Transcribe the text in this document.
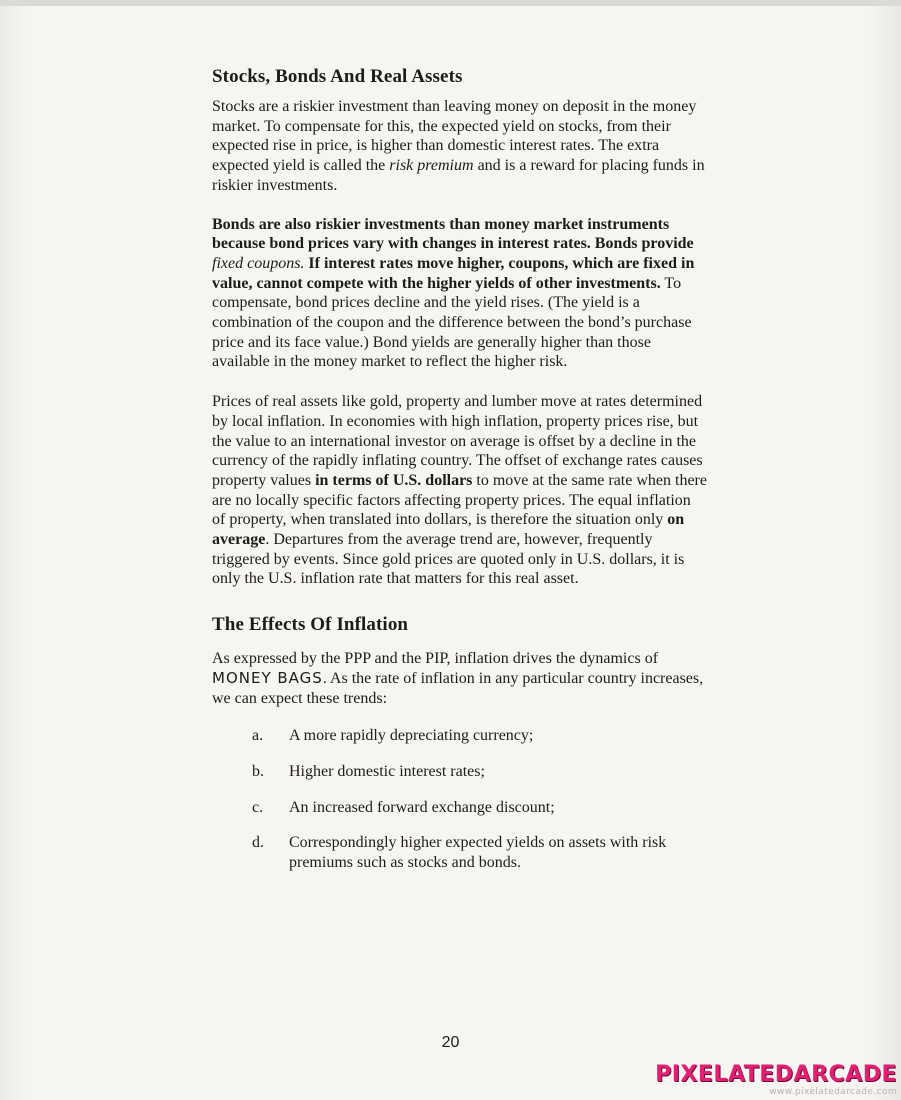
Stocks, Bonds And Real Assets

Stocks are a riskier investment than leaving money on deposit in the money market. To compensate for this, the expected yield on stocks, from their expected rise in price, is higher than domestic interest rates. The extra expected yield is called the risk premium and is a reward for placing funds in riskier investments.

Bonds are also riskier investments than money market instruments because bond prices vary with changes in interest rates. Bonds provide fixed coupons. If interest rates move higher, coupons, which are fixed in value, cannot compete with the higher yields of other investments. To compensate, bond prices decline and the yield rises. (The yield is a combination of the coupon and the difference between the bond’s purchase price and its face value.) Bond yields are generally higher than those available in the money market to reflect the higher risk.

Prices of real assets like gold, property and lumber move at rates determined by local inflation. In economies with high inflation, property prices rise, but the value to an international investor on average is offset by a decline in the currency of the rapidly inflating country. The offset of exchange rates causes property values in terms of U.S. dollars to move at the same rate when there are no locally specific factors affecting property prices. The equal inflation of property, when translated into dollars, is therefore the situation only on average. Departures from the average trend are, however, frequently triggered by events. Since gold prices are quoted only in U.S. dollars, it is only the U.S. inflation rate that matters for this real asset.

The Effects Of Inflation

As expressed by the PPP and the PIP, inflation drives the dynamics of MONEY BAGS. As the rate of inflation in any particular country increases, we can expect these trends:

a.	A more rapidly depreciating currency;
b.	Higher domestic interest rates;
c.	An increased forward exchange discount;
d.	Correspondingly higher expected yields on assets with risk premiums such as stocks and bonds.
20
PIXELATEDARCADE
www.pixelatedarcade.com
